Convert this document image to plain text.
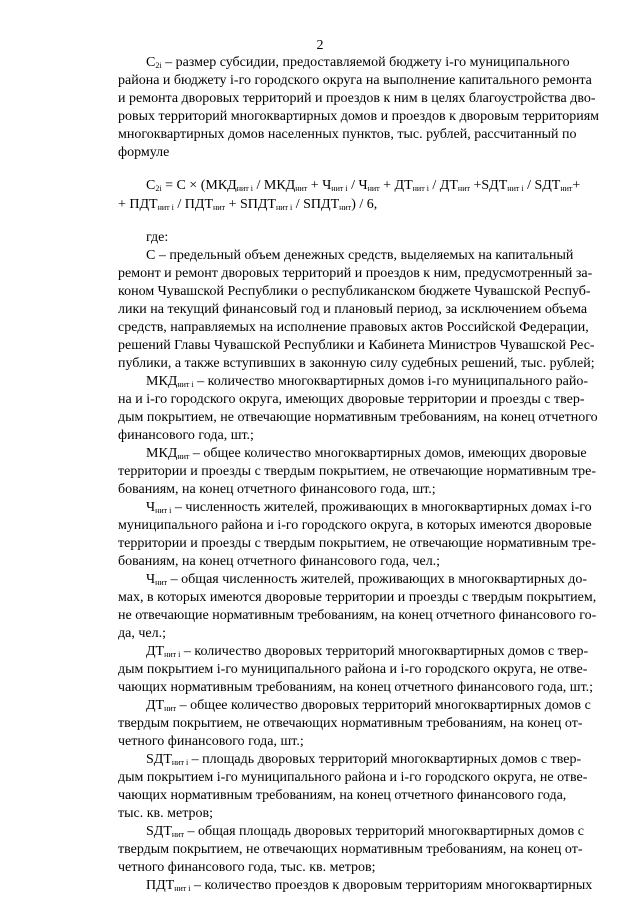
2
$C_{2i}$ – размер субсидии, предоставляемой бюджету i-го муниципального
района и бюджету i-го городского округа на выполнение капитального ремонта
и ремонта дворовых территорий и проездов к ним в целях благоустройства дво-
ровых территорий многоквартирных домов и проездов к дворовым территориям
многоквартирных домов населенных пунктов, тыс. рублей, рассчитанный по
формуле
$C_{2i} = С \times (МКД_{нит i} / МКД_{нит} + Ч_{нит i} / Ч_{нит} + ДТ_{нит i} / ДТ_{нит} +SДТ_{нит i} / SДТ_{нит}+$
+ $ПДТ_{нит i} / ПДТ_{нит}$ + $SПДТ_{нит i}$ / $SПДТ_{нит}) / 6$,
где:
С – предельный объем денежных средств, выделяемых на капитальный
ремонт и ремонт дворовых территорий и проездов к ним, предусмотренный за-
коном Чувашской Республики о республиканском бюджете Чувашской Респуб-
лики на текущий финансовый год и плановый период, за исключением объема
средств, направляемых на исполнение правовых актов Российской Федерации,
решений Главы Чувашской Республики и Кабинета Министров Чувашской Рес-
публики, а также вступивших в законную силу судебных решений, тыс. рублей;
$МКД_{нит i}$ – количество многоквартирных домов i-го муниципального райо-
на и i-го городского округа, имеющих дворовые территории и проезды с твер-
дым покрытием, не отвечающие нормативным требованиям, на конец отчетного
финансового года, шт.;
$МКД_{нит}$ – общее количество многоквартирных домов, имеющих дворовые
территории и проезды с твердым покрытием, не отвечающие нормативным тре-
бованиям, на конец отчетного финансового года, шт.;
$Ч_{нит i}$ – численность жителей, проживающих в многоквартирных домах i-го
муниципального района и i-го городского округа, в которых имеются дворовые
территории и проезды с твердым покрытием, не отвечающие нормативным тре-
бованиям, на конец отчетного финансового года, чел.;
$Ч_{нит}$ – общая численность жителей, проживающих в многоквартирных до-
мах, в которых имеются дворовые территории и проезды с твердым покрытием,
не отвечающие нормативным требованиям, на конец отчетного финансового го-
да, чел.;
$ДТ_{нит i}$ – количество дворовых территорий многоквартирных домов с твер-
дым покрытием i-го муниципального района и i-го городского округа, не отве-
чающих нормативным требованиям, на конец отчетного финансового года, шт.;
$ДТ_{нит}$ – общее количество дворовых территорий многоквартирных домов с
твердым покрытием, не отвечающих нормативным требованиям, на конец от-
четного финансового года, шт.;
$SДТ_{нит i}$ – площадь дворовых территорий многоквартирных домов с твер-
дым покрытием i-го муниципального района и i-го городского округа, не отве-
чающих нормативным требованиям, на конец отчетного финансового года,
тыс. кв. метров;
$SДТ_{нит}$ – общая площадь дворовых территорий многоквартирных домов с
твердым покрытием, не отвечающих нормативным требованиям, на конец от-
четного финансового года, тыс. кв. метров;
$ПДТ_{нит i}$ – количество проездов к дворовым территориям многоквартирных
